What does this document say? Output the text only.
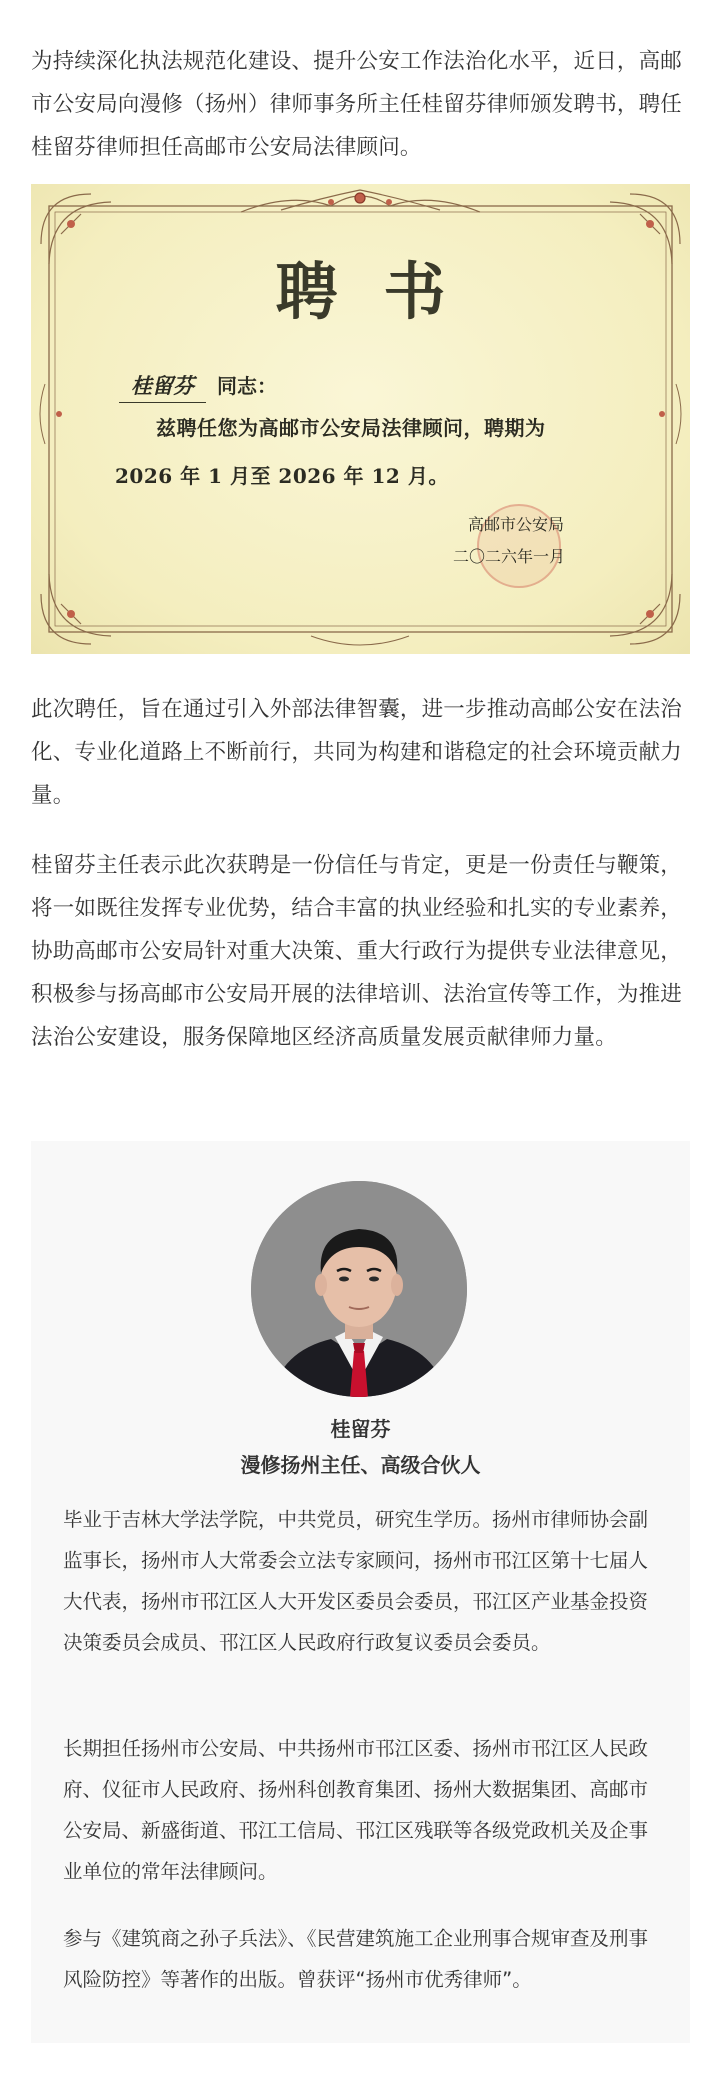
为持续深化执法规范化建设、提升公安工作法治化水平，近日，高邮市公安局向漫修（扬州）律师事务所主任桂留芬律师颁发聘书，聘任桂留芬律师担任高邮市公安局法律顾问。

聘书
桂留芬	同志：
兹聘任您为高邮市公安局法律顾问，聘期为
2026 年 1 月至 2026 年 12 月。
高邮市公安局
二〇二六年一月

此次聘任，旨在通过引入外部法律智囊，进一步推动高邮公安在法治化、专业化道路上不断前行，共同为构建和谐稳定的社会环境贡献力量。

桂留芬主任表示此次获聘是一份信任与肯定，更是一份责任与鞭策，将一如既往发挥专业优势，结合丰富的执业经验和扎实的专业素养，协助高邮市公安局针对重大决策、重大行政行为提供专业法律意见，积极参与扬高邮市公安局开展的法律培训、法治宣传等工作，为推进法治公安建设，服务保障地区经济高质量发展贡献律师力量。

桂留芬
漫修扬州主任、高级合伙人

毕业于吉林大学法学院，中共党员，研究生学历。扬州市律师协会副监事长，扬州市人大常委会立法专家顾问，扬州市邗江区第十七届人大代表，扬州市邗江区人大开发区委员会委员，邗江区产业基金投资决策委员会成员、邗江区人民政府行政复议委员会委员。

长期担任扬州市公安局、中共扬州市邗江区委、扬州市邗江区人民政府、仪征市人民政府、扬州科创教育集团、扬州大数据集团、高邮市公安局、新盛街道、邗江工信局、邗江区残联等各级党政机关及企事业单位的常年法律顾问。

参与《建筑商之孙子兵法》、《民营建筑施工企业刑事合规审查及刑事风险防控》等著作的出版。曾获评“扬州市优秀律师”。
